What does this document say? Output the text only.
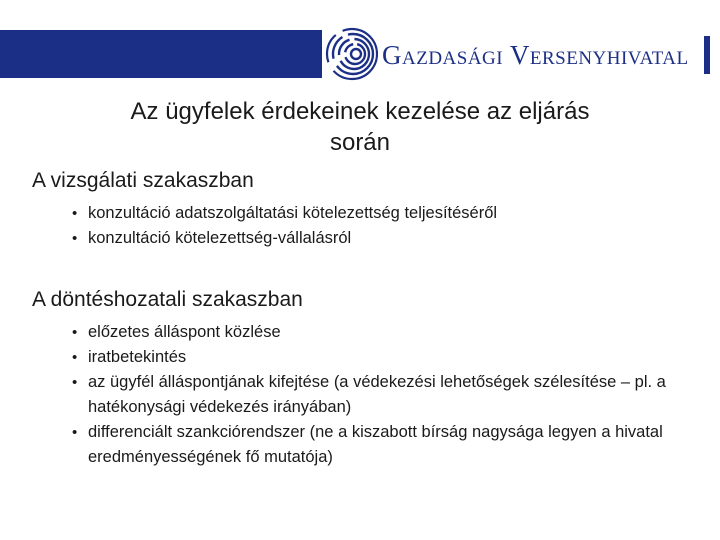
Gazdasági Versenyhivatal
Az ügyfelek érdekeinek kezelése az eljárás
során
A vizsgálati szakaszban
• konzultáció adatszolgáltatási kötelezettség teljesítéséről
• konzultáció kötelezettség-vállalásról
A döntéshozatali szakaszban
• előzetes álláspont közlése
• iratbetekintés
• az ügyfél álláspontjának kifejtése (a védekezési lehetőségek szélesítése – pl. a hatékonysági védekezés irányában)
• differenciált szankciórendszer (ne a kiszabott bírság nagysága legyen a hivatal eredményességének fő mutatója)
